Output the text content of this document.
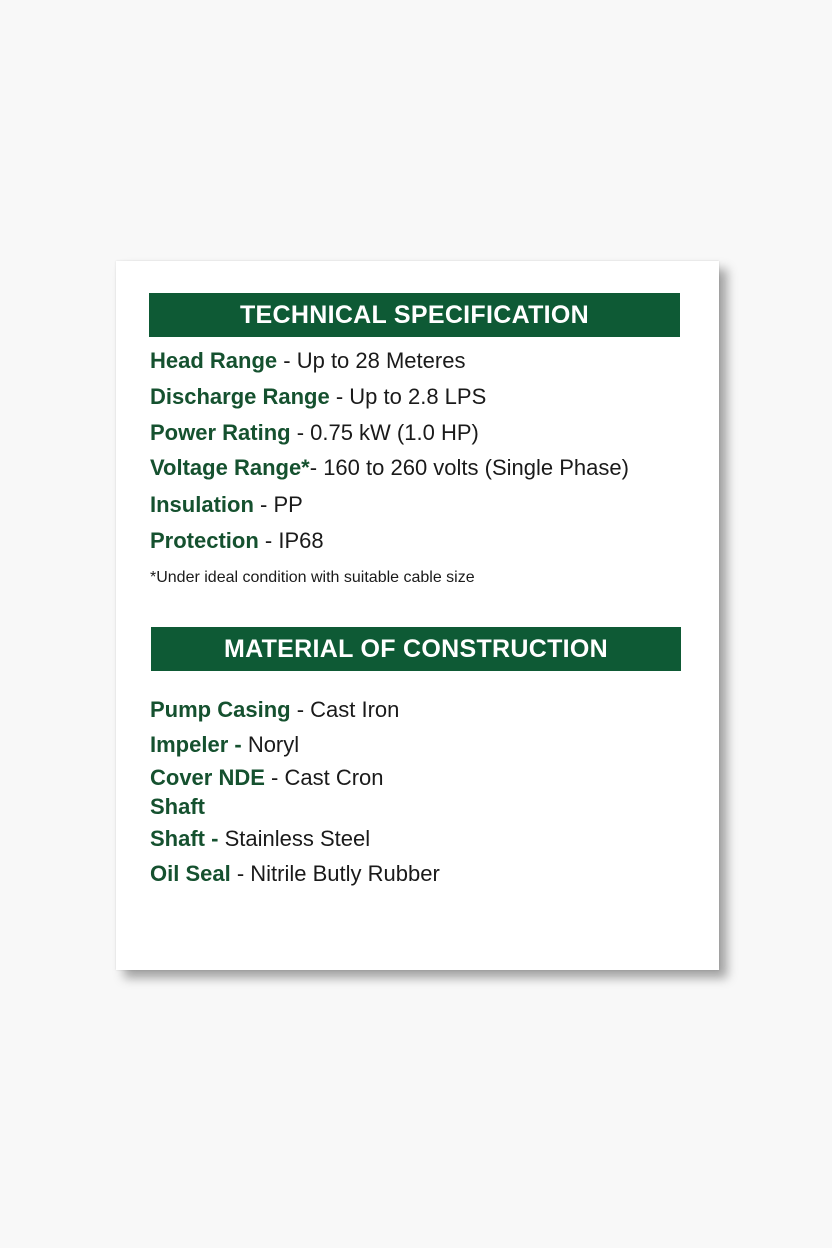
TECHNICAL SPECIFICATION
Head Range - Up to 28 Meteres
Discharge Range - Up to 2.8 LPS
Power Rating - 0.75 kW (1.0 HP)
Voltage Range*- 160 to 260 volts (Single Phase)
Insulation - PP
Protection - IP68
*Under ideal condition with suitable cable size
MATERIAL OF CONSTRUCTION
Pump Casing - Cast Iron
Impeler - Noryl
Cover NDE - Cast Cron
Shaft
Shaft - Stainless Steel
Oil Seal - Nitrile Butly Rubber
